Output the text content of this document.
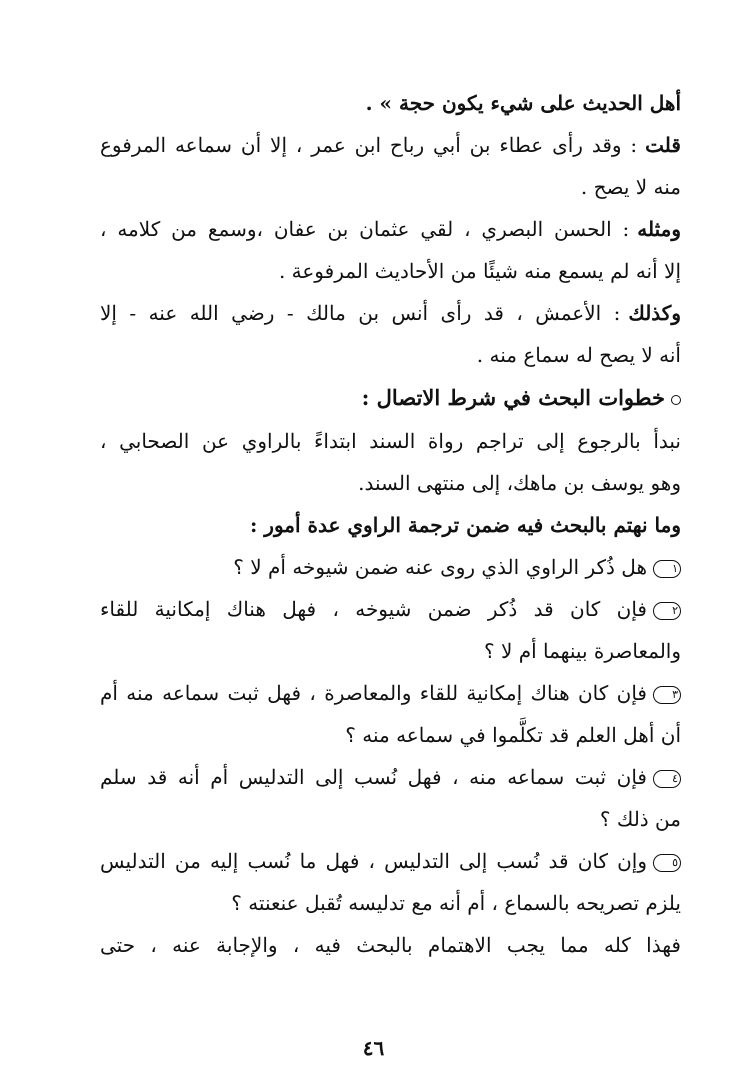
أهل الحديث على شيء يكون حجة » .
قلت: وقد رأى عطاء بن أبي رباح ابن عمر ، إلا أن سماعه المرفوع
منه لا يصح .
ومثله: الحسن البصري ، لقي عثمان بن عفان ،وسمع من كلامه ،
إلا أنه لم يسمع منه شيئًا من الأحاديث المرفوعة .
وكذلك: الأعمش ، قد رأى أنس بن مالك - رضي الله عنه - إلا
أنه لا يصح له سماع منه .
خطوات البحث في شرط الاتصال :
نبدأ بالرجوع إلى تراجم رواة السند ابتداءً بالراوي عن الصحابي ،
وهو يوسف بن ماهك، إلى منتهى السند.
وما نهتم بالبحث فيه ضمن ترجمة الراوي عدة أمور :
١هل ذُكر الراوي الذي روى عنه ضمن شيوخه أم لا ؟
٢فإن كان قد ذُكر ضمن شيوخه ، فهل هناك إمكانية للقاء
والمعاصرة بينهما أم لا ؟
٣فإن كان هناك إمكانية للقاء والمعاصرة ، فهل ثبت سماعه منه أم
أن أهل العلم قد تكلَّموا في سماعه منه ؟
٤فإن ثبت سماعه منه ، فهل نُسب إلى التدليس أم أنه قد سلم
من ذلك ؟
٥وإن كان قد نُسب إلى التدليس ، فهل ما نُسب إليه من التدليس
يلزم تصريحه بالسماع ، أم أنه مع تدليسه تُقبل عنعنته ؟
فهذا كله مما يجب الاهتمام بالبحث فيه ، والإجابة عنه ، حتى
٤٦
